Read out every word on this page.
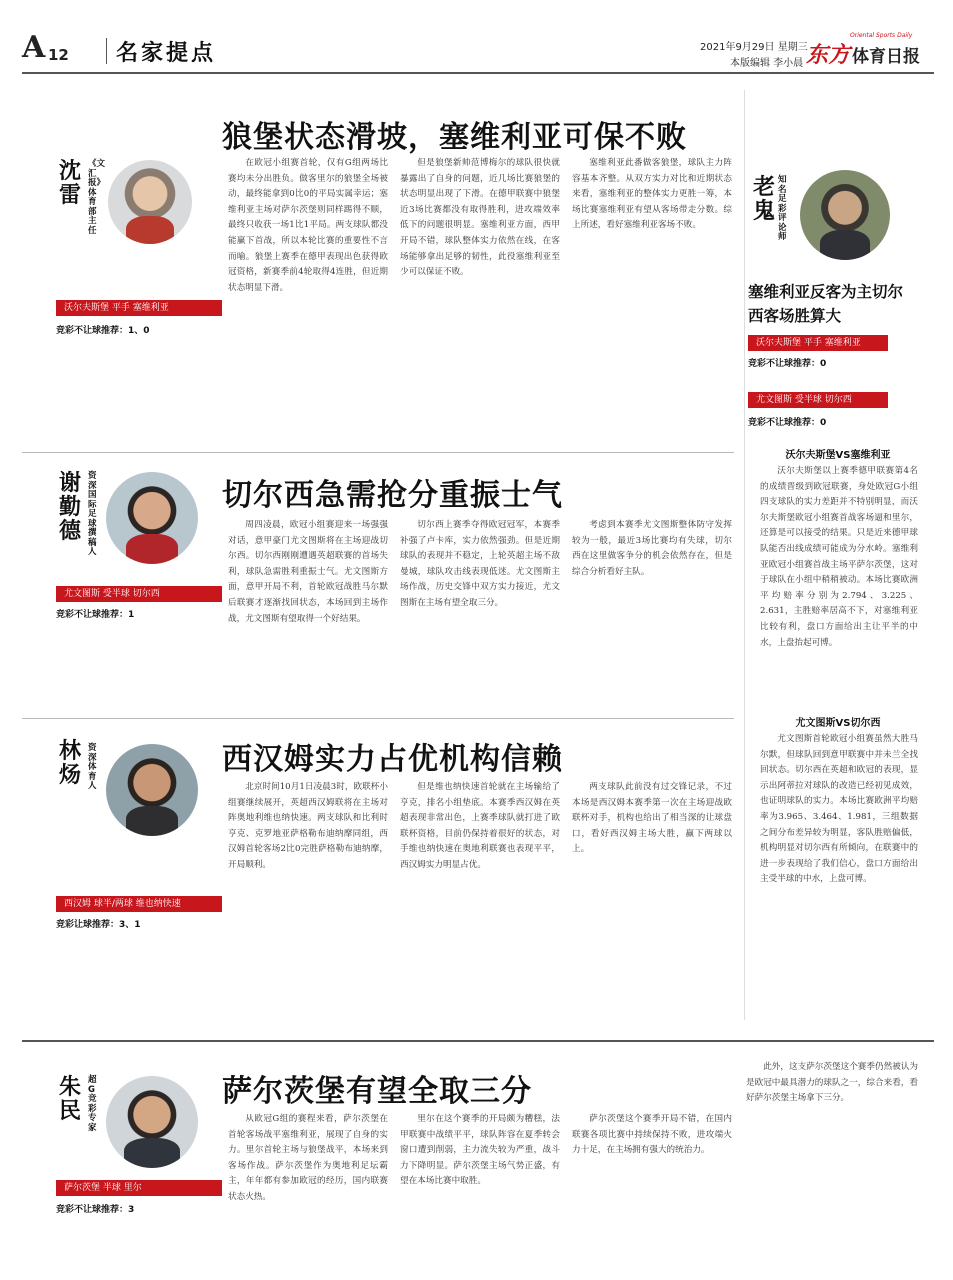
A 12 名家提点	2021年9月29日 星期三
本版编辑 李小晨
Oriental Sports Daily
东方 体育日报
狼堡状态滑坡，塞维利亚可保不败
沈雷
《文汇报》体育部主任
沃尔夫斯堡 平手 塞维利亚
竞彩不让球推荐：1、0
在欧冠小组赛首轮，仅有G组两场比赛均未分出胜负。做客里尔的狼堡全场被动，最终能拿到0比0的平局实属幸运；塞维利亚主场对萨尔茨堡则同样踢得不顺，最终只收获一场1比1平局。两支球队都没能赢下首战，所以本轮比赛的重要性不言而喻。狼堡上赛季在德甲表现出色获得欧冠资格，新赛季前4轮取得4连胜，但近期状态明显下滑。
但是狼堡新帅范博梅尔的球队很快就暴露出了自身的问题，近几场比赛狼堡的状态明显出现了下滑。在德甲联赛中狼堡近3场比赛都没有取得胜利，进攻端效率低下的问题很明显。塞维利亚方面，西甲开局不错，球队整体实力依然在线，在客场能够拿出足够的韧性，此役塞维利亚至少可以保证不败。
塞维利亚此番做客狼堡，球队主力阵容基本齐整。从双方实力对比和近期状态来看，塞维利亚的整体实力更胜一筹，本场比赛塞维利亚有望从客场带走分数。综上所述，看好塞维利亚客场不败。
老鬼
知名足彩评论师
塞维利亚反客为主切尔西客场胜算大
沃尔夫斯堡 平手 塞维利亚
竞彩不让球推荐：0
尤文图斯 受半球 切尔西
竞彩不让球推荐：0
沃尔夫斯堡VS塞维利亚
沃尔夫斯堡以上赛季德甲联赛第4名的成绩晋级到欧冠联赛，身处欧冠G小组四支球队的实力差距并不特别明显，而沃尔夫斯堡欧冠小组赛首战客场逼和里尔，还算是可以接受的结果。只是近来德甲球队能否出线成绩可能成为分水岭。塞维利亚欧冠小组赛首战主场平萨尔茨堡，这对于球队在小组中稍稍被动。本场比赛欧洲平均赔率分别为2.794、3.225、2.631，主胜赔率居高不下，对塞维利亚比较有利，盘口方面给出主让平半的中水，上盘抬起可博。
尤文图斯VS切尔西
尤文图斯首轮欧冠小组赛虽然大胜马尔默，但球队回到意甲联赛中并未兰全找回状态。切尔西在英超和欧冠的表现，显示出阿蒂拉对球队的改造已经初见成效，也证明球队的实力。本场比赛欧洲平均赔率为3.965、3.464、1.981，三组数据之间分布差异较为明显，客队胜赔偏低，机构明显对切尔西有所倾向，在联赛中的进一步表现给了我们信心，盘口方面给出主受半球的中水，上盘可博。
切尔西急需抢分重振士气
谢勤德
资深国际足球撰稿人
尤文图斯 受半球 切尔西
竞彩不让球推荐：1
周四凌晨，欧冠小组赛迎来一场强强对话，意甲豪门尤文图斯将在主场迎战切尔西。切尔西刚刚遭遇英超联赛的首场失利，球队急需胜利重振士气。尤文图斯方面，意甲开局不利，首轮欧冠战胜马尔默后联赛才逐渐找回状态，本场回到主场作战，尤文图斯有望取得一个好结果。
切尔西上赛季夺得欧冠冠军，本赛季补强了卢卡库，实力依然强劲。但是近期球队的表现并不稳定，上轮英超主场不敌曼城，球队攻击线表现低迷。尤文图斯主场作战，历史交锋中双方实力接近，尤文图斯在主场有望全取三分。
考虑到本赛季尤文图斯整体防守发挥较为一般，最近3场比赛均有失球，切尔西在这里做客争分的机会依然存在，但是综合分析看好主队。
西汉姆实力占优机构信赖
林炀
资深体育人
西汉姆 球半/两球 维也纳快速
竞彩让球推荐：3、1
北京时间10月1日凌晨3时，欧联杯小组赛继续展开，英超西汉姆联将在主场对阵奥地利维也纳快速。两支球队和比利时亨克、克罗地亚萨格勒布迪纳摩同组，西汉姆首轮客场2比0完胜萨格勒布迪纳摩，开局顺利。
但是维也纳快速首轮就在主场输给了亨克，排名小组垫底。本赛季西汉姆在英超表现非常出色，上赛季球队就打进了欧联杯资格，目前仍保持着很好的状态，对手维也纳快速在奥地利联赛也表现平平，西汉姆实力明显占优。
两支球队此前没有过交锋记录，不过本场是西汉姆本赛季第一次在主场迎战欧联杯对手，机构也给出了相当深的让球盘口，看好西汉姆主场大胜，赢下两球以上。
萨尔茨堡有望全取三分
朱民
超G竞彩专家
萨尔茨堡 半球 里尔
竞彩不让球推荐：3
从欧冠G组的赛程来看，萨尔茨堡在首轮客场战平塞维利亚，展现了自身的实力。里尔首轮主场与狼堡战平，本场来到客场作战。萨尔茨堡作为奥地利足坛霸主，年年都有参加欧冠的经历，国内联赛状态火热。
里尔在这个赛季的开局颇为糟糕，法甲联赛中战绩平平，球队阵容在夏季转会窗口遭到削弱，主力流失较为严重，战斗力下降明显。萨尔茨堡主场气势正盛，有望在本场比赛中取胜。
萨尔茨堡这个赛季开局不错，在国内联赛各项比赛中持续保持不败，进攻端火力十足，在主场拥有强大的统治力。
此外，这支萨尔茨堡这个赛季仍然被认为是欧冠中最具潜力的球队之一，综合来看，看好萨尔茨堡主场拿下三分。
